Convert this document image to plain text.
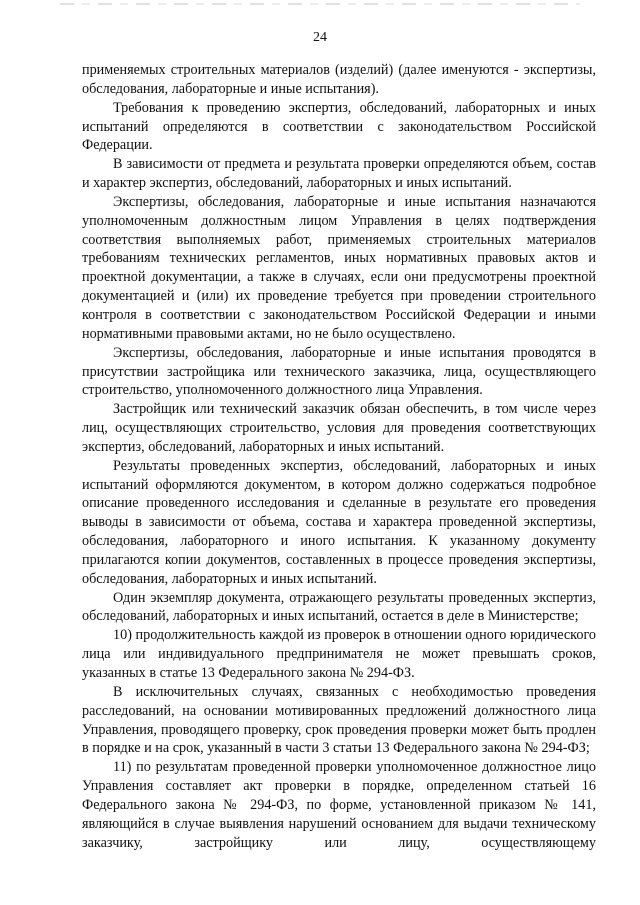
24

применяемых строительных материалов (изделий) (далее именуются - экспертизы, обследования, лабораторные и иные испытания).

Требования к проведению экспертиз, обследований, лабораторных и иных испытаний определяются в соответствии с законодательством Российской Федерации.

В зависимости от предмета и результата проверки определяются объем, состав и характер экспертиз, обследований, лабораторных и иных испытаний.

Экспертизы, обследования, лабораторные и иные испытания назначаются уполномоченным должностным лицом Управления в целях подтверждения соответствия выполняемых работ, применяемых строительных материалов требованиям технических регламентов, иных нормативных правовых актов и проектной документации, а также в случаях, если они предусмотрены проектной документацией и (или) их проведение требуется при проведении строительного контроля в соответствии с законодательством Российской Федерации и иными нормативными правовыми актами, но не было осуществлено.

Экспертизы, обследования, лабораторные и иные испытания проводятся в присутствии застройщика или технического заказчика, лица, осуществляющего строительство, уполномоченного должностного лица Управления.

Застройщик или технический заказчик обязан обеспечить, в том числе через лиц, осуществляющих строительство, условия для проведения соответствующих экспертиз, обследований, лабораторных и иных испытаний.

Результаты проведенных экспертиз, обследований, лабораторных и иных испытаний оформляются документом, в котором должно содержаться подробное описание проведенного исследования и сделанные в результате его проведения выводы в зависимости от объема, состава и характера проведенной экспертизы, обследования, лабораторного и иного испытания. К указанному документу прилагаются копии документов, составленных в процессе проведения экспертизы, обследования, лабораторных и иных испытаний.

Один экземпляр документа, отражающего результаты проведенных экспертиз, обследований, лабораторных и иных испытаний, остается в деле в Министерстве;

10) продолжительность каждой из проверок в отношении одного юридического лица или индивидуального предпринимателя не может превышать сроков, указанных в статье 13 Федерального закона № 294-ФЗ.

В исключительных случаях, связанных с необходимостью проведения расследований, на основании мотивированных предложений должностного лица Управления, проводящего проверку, срок проведения проверки может быть продлен в порядке и на срок, указанный в части 3 статьи 13 Федерального закона № 294-ФЗ;

11) по результатам проведенной проверки уполномоченное должностное лицо Управления составляет акт проверки в порядке, определенном статьей 16 Федерального закона № 294-ФЗ, по форме, установленной приказом № 141, являющийся в случае выявления нарушений основанием для выдачи техническому заказчику, застройщику или лицу, осуществляющему
